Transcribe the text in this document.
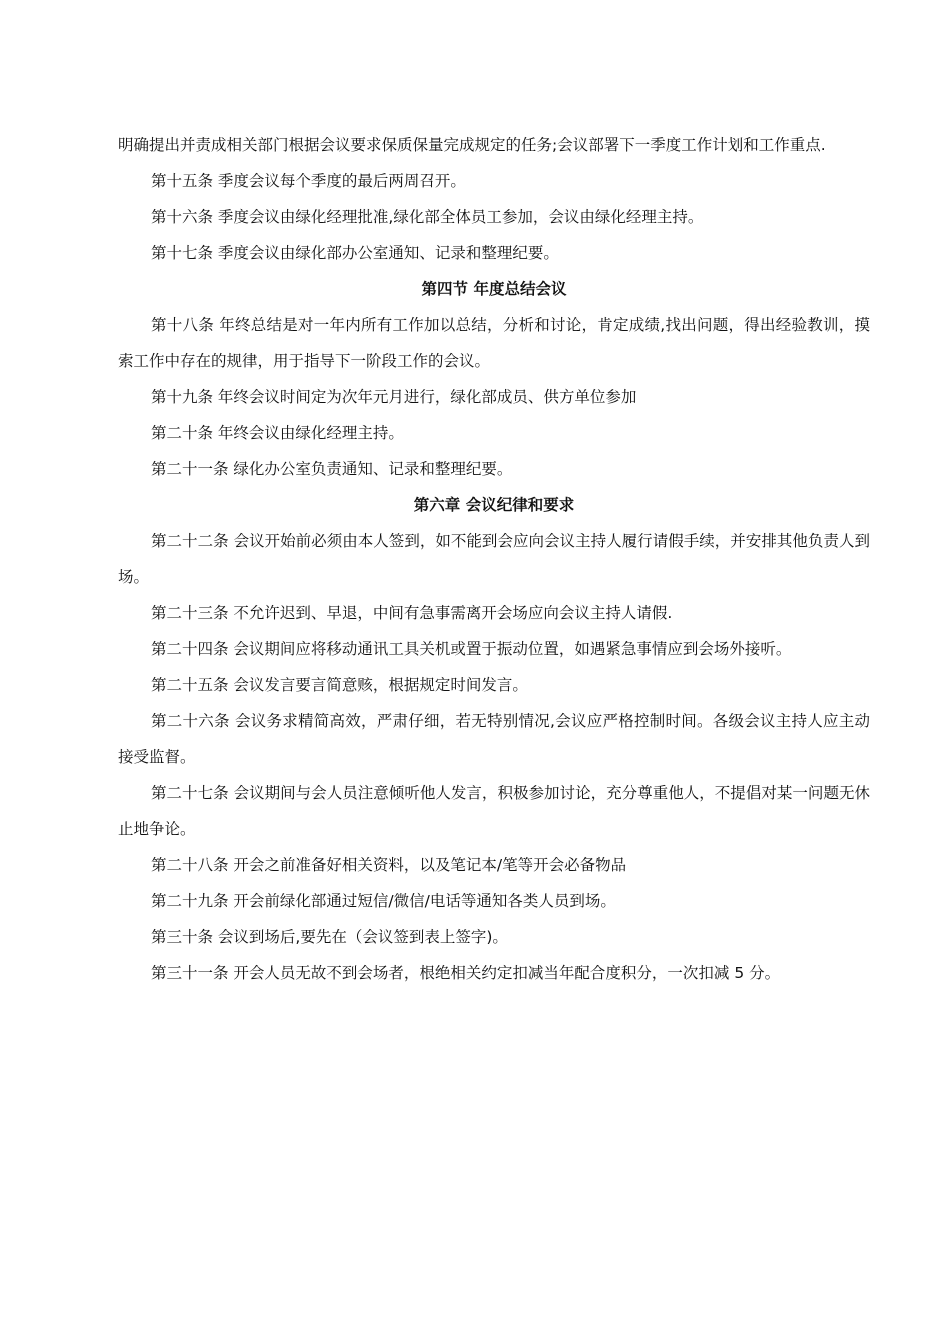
明确提出并责成相关部门根据会议要求保质保量完成规定的任务;会议部署下一季度工作计划和工作重点.

第十五条 季度会议每个季度的最后两周召开。

第十六条 季度会议由绿化经理批准,绿化部全体员工参加，会议由绿化经理主持。

第十七条 季度会议由绿化部办公室通知、记录和整理纪要。

第四节 年度总结会议

第十八条 年终总结是对一年内所有工作加以总结，分析和讨论，肯定成绩,找出问题，得出经验教训，摸索工作中存在的规律，用于指导下一阶段工作的会议。

第十九条 年终会议时间定为次年元月进行，绿化部成员、供方单位参加

第二十条 年终会议由绿化经理主持。

第二十一条 绿化办公室负责通知、记录和整理纪要。

第六章 会议纪律和要求

第二十二条 会议开始前必须由本人签到，如不能到会应向会议主持人履行请假手续，并安排其他负责人到场。

第二十三条 不允许迟到、早退，中间有急事需离开会场应向会议主持人请假.

第二十四条 会议期间应将移动通讯工具关机或置于振动位置，如遇紧急事情应到会场外接听。

第二十五条 会议发言要言简意赅，根据规定时间发言。

第二十六条 会议务求精简高效，严肃仔细，若无特别情况,会议应严格控制时间。各级会议主持人应主动接受监督。

第二十七条 会议期间与会人员注意倾听他人发言，积极参加讨论，充分尊重他人，不提倡对某一问题无休止地争论。

第二十八条 开会之前准备好相关资料，以及笔记本/笔等开会必备物品

第二十九条 开会前绿化部通过短信/微信/电话等通知各类人员到场。

第三十条 会议到场后,要先在（会议签到表上签字)。

第三十一条 开会人员无故不到会场者，根绝相关约定扣减当年配合度积分，一次扣减 5 分。
